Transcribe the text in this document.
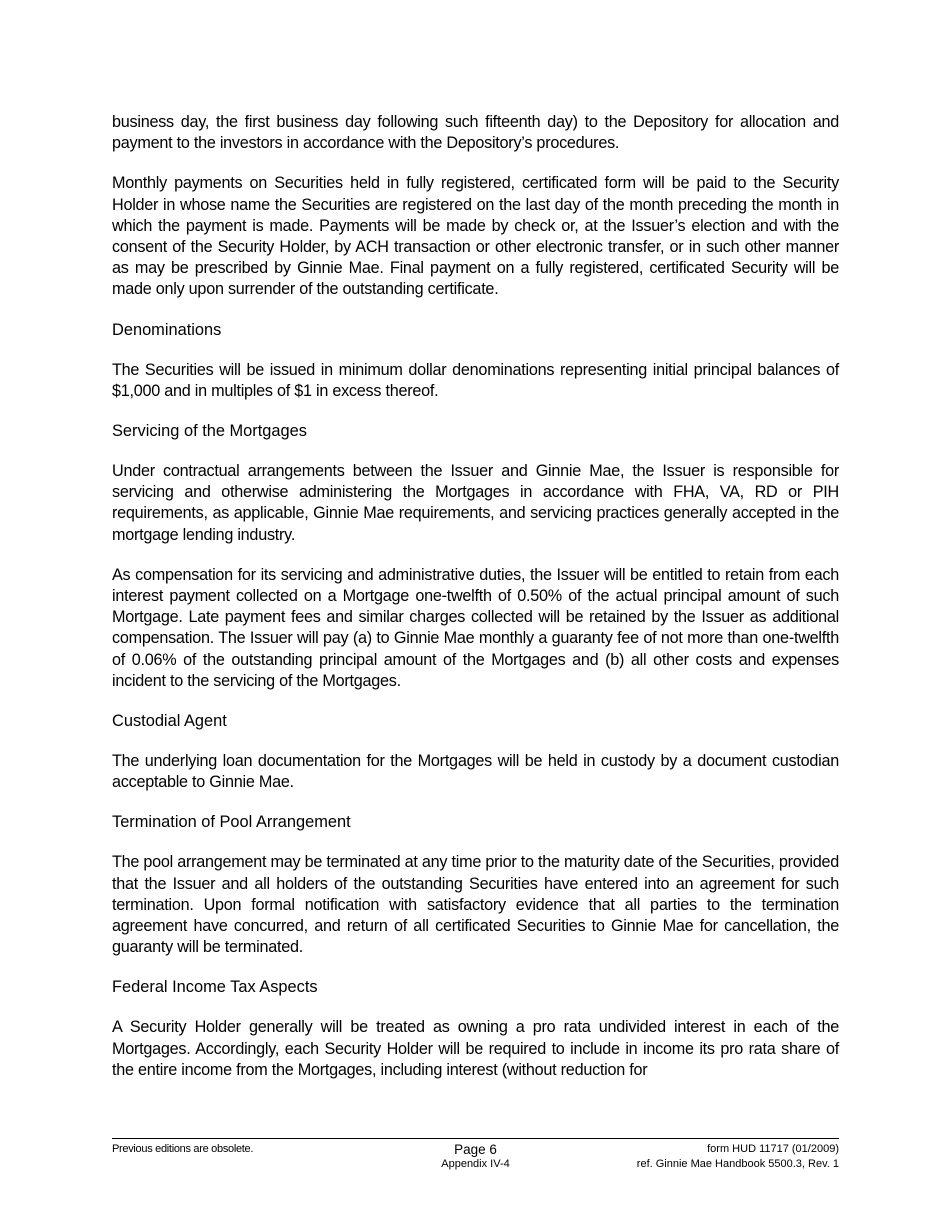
business day, the first business day following such fifteenth day) to the Depository for allocation and payment to the investors in accordance with the Depository’s procedures.

Monthly payments on Securities held in fully registered, certificated form will be paid to the Security Holder in whose name the Securities are registered on the last day of the month preceding the month in which the payment is made. Payments will be made by check or, at the Issuer’s election and with the consent of the Security Holder, by ACH transaction or other electronic transfer, or in such other manner as may be prescribed by Ginnie Mae. Final payment on a fully registered, certificated Security will be made only upon surrender of the outstanding certificate.

Denominations

The Securities will be issued in minimum dollar denominations representing initial principal balances of $1,000 and in multiples of $1 in excess thereof.

Servicing of the Mortgages

Under contractual arrangements between the Issuer and Ginnie Mae, the Issuer is responsible for servicing and otherwise administering the Mortgages in accordance with FHA, VA, RD or PIH requirements, as applicable, Ginnie Mae requirements, and servicing practices generally accepted in the mortgage lending industry.

As compensation for its servicing and administrative duties, the Issuer will be entitled to retain from each interest payment collected on a Mortgage one-twelfth of 0.50% of the actual principal amount of such Mortgage. Late payment fees and similar charges collected will be retained by the Issuer as additional compensation. The Issuer will pay (a) to Ginnie Mae monthly a guaranty fee of not more than one-twelfth of 0.06% of the outstanding principal amount of the Mortgages and (b) all other costs and expenses incident to the servicing of the Mortgages.

Custodial Agent

The underlying loan documentation for the Mortgages will be held in custody by a document custodian acceptable to Ginnie Mae.

Termination of Pool Arrangement

The pool arrangement may be terminated at any time prior to the maturity date of the Securities, provided that the Issuer and all holders of the outstanding Securities have entered into an agreement for such termination. Upon formal notification with satisfactory evidence that all parties to the termination agreement have concurred, and return of all certificated Securities to Ginnie Mae for cancellation, the guaranty will be terminated.

Federal Income Tax Aspects

A Security Holder generally will be treated as owning a pro rata undivided interest in each of the Mortgages. Accordingly, each Security Holder will be required to include in income its pro rata share of the entire income from the Mortgages, including interest (without reduction for

Previous editions are obsolete.	Page 6
Appendix IV-4
form HUD 11717 (01/2009)
ref. Ginnie Mae Handbook 5500.3, Rev. 1
